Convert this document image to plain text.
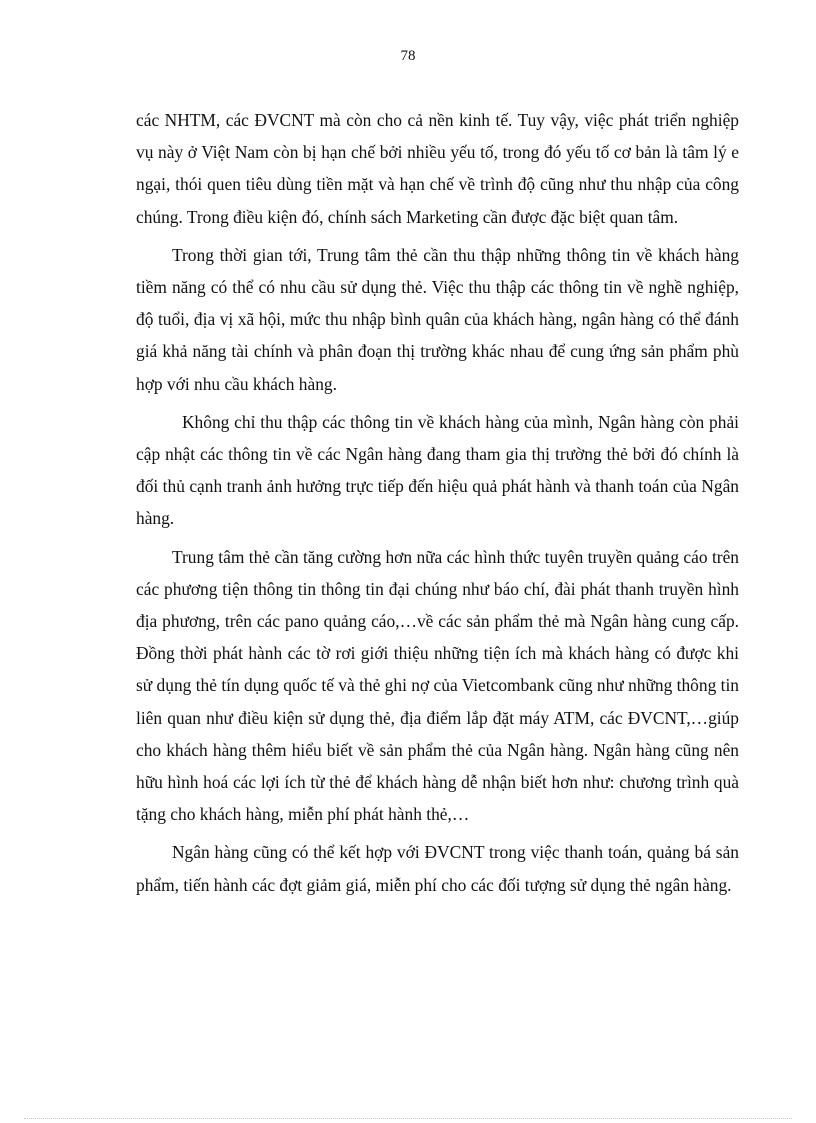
78

các NHTM, các ĐVCNT mà còn cho cả nền kinh tế. Tuy vậy, việc phát triển nghiệp vụ này ở Việt Nam còn bị hạn chế bởi nhiều yếu tố, trong đó yếu tố cơ bản là tâm lý e ngại, thói quen tiêu dùng tiền mặt và hạn chế về trình độ cũng như thu nhập của công chúng. Trong điều kiện đó, chính sách Marketing cần được đặc biệt quan tâm.

Trong thời gian tới, Trung tâm thẻ cần thu thập những thông tin về khách hàng tiềm năng có thể có nhu cầu sử dụng thẻ. Việc thu thập các thông tin về nghề nghiệp, độ tuổi, địa vị xã hội, mức thu nhập bình quân của khách hàng, ngân hàng có thể đánh giá khả năng tài chính và phân đoạn thị trường khác nhau để cung ứng sản phẩm phù hợp với nhu cầu khách hàng.

Không chỉ thu thập các thông tin về khách hàng của mình, Ngân hàng còn phải cập nhật các thông tin về các Ngân hàng đang tham gia thị trường thẻ bởi đó chính là đối thủ cạnh tranh ảnh hưởng trực tiếp đến hiệu quả phát hành và thanh toán của Ngân hàng.

Trung tâm thẻ cần tăng cường hơn nữa các hình thức tuyên truyền quảng cáo trên các phương tiện thông tin thông tin đại chúng như báo chí, đài phát thanh truyền hình địa phương, trên các pano quảng cáo,…về các sản phẩm thẻ mà Ngân hàng cung cấp. Đồng thời phát hành các tờ rơi giới thiệu những tiện ích mà khách hàng có được khi sử dụng thẻ tín dụng quốc tế và thẻ ghi nợ của Vietcombank cũng như những thông tin liên quan như điều kiện sử dụng thẻ, địa điểm lắp đặt máy ATM, các ĐVCNT,…giúp cho khách hàng thêm hiểu biết về sản phẩm thẻ của Ngân hàng. Ngân hàng cũng nên hữu hình hoá các lợi ích từ thẻ để khách hàng dễ nhận biết hơn như: chương trình quà tặng cho khách hàng, miễn phí phát hành thẻ,…

Ngân hàng cũng có thể kết hợp với ĐVCNT trong việc thanh toán, quảng bá sản phẩm, tiến hành các đợt giảm giá, miễn phí cho các đối tượng sử dụng thẻ ngân hàng.
